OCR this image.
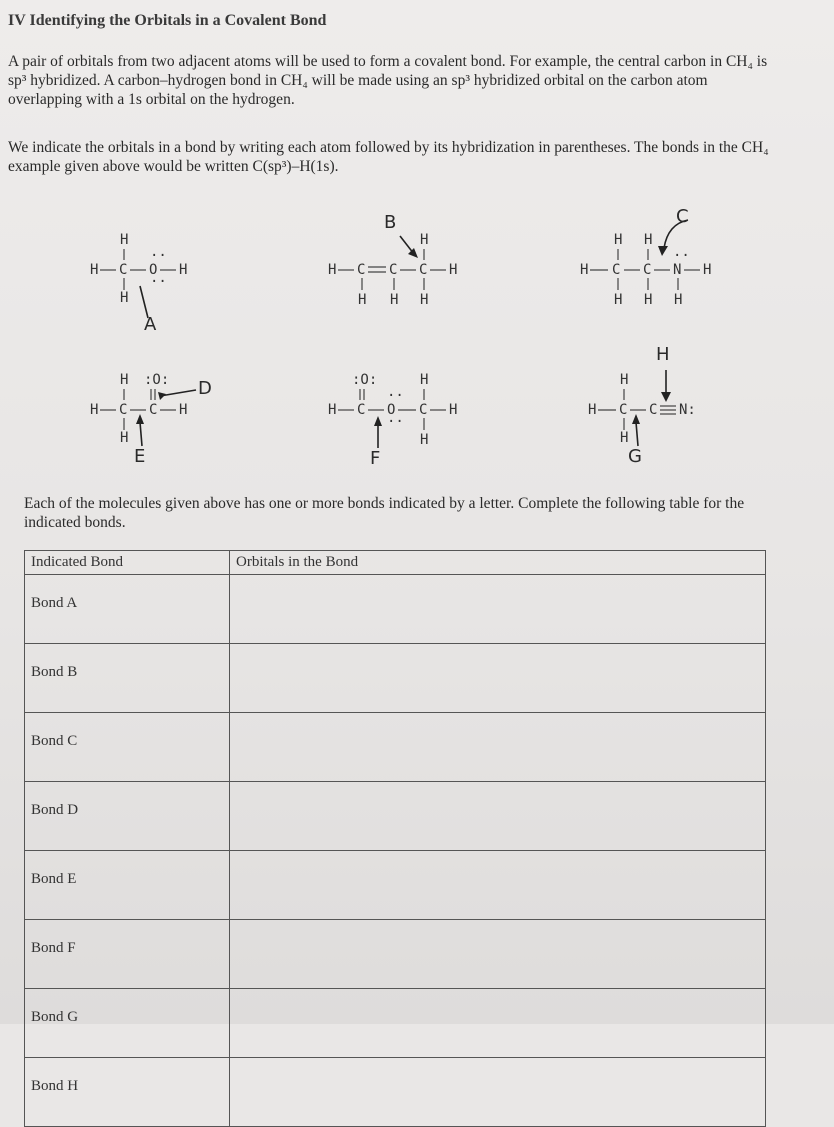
IV Identifying the Orbitals in a Covalent Bond
A pair of orbitals from two adjacent atoms will be used to form a covalent bond. For example, the central carbon in CH₄ is sp³ hybridized. A carbon–hydrogen bond in CH₄ will be made using an sp³ hybridized orbital on the carbon atom overlapping with a 1s orbital on the hydrogen.
We indicate the orbitals in a bond by writing each atom followed by its hybridization in parentheses. The bonds in the CH₄ example given above would be written C(sp³)–H(1s).
H
H C O
··
··
H
H
A
B
H
H C C C H
H H H
H H
H C C N
··
H
H H H
C
H :O: D
H C C H
H
E
:O:	H
H C O
··
··
C H
H
F
H
H
H C C N:
H
G
Each of the molecules given above has one or more bonds indicated by a letter. Complete the following table for the indicated bonds.
Indicated Bond	Orbitals in the Bond
Bond A	
Bond B	
Bond C	
Bond D	
Bond E	
Bond F	
Bond G	
Bond H	
